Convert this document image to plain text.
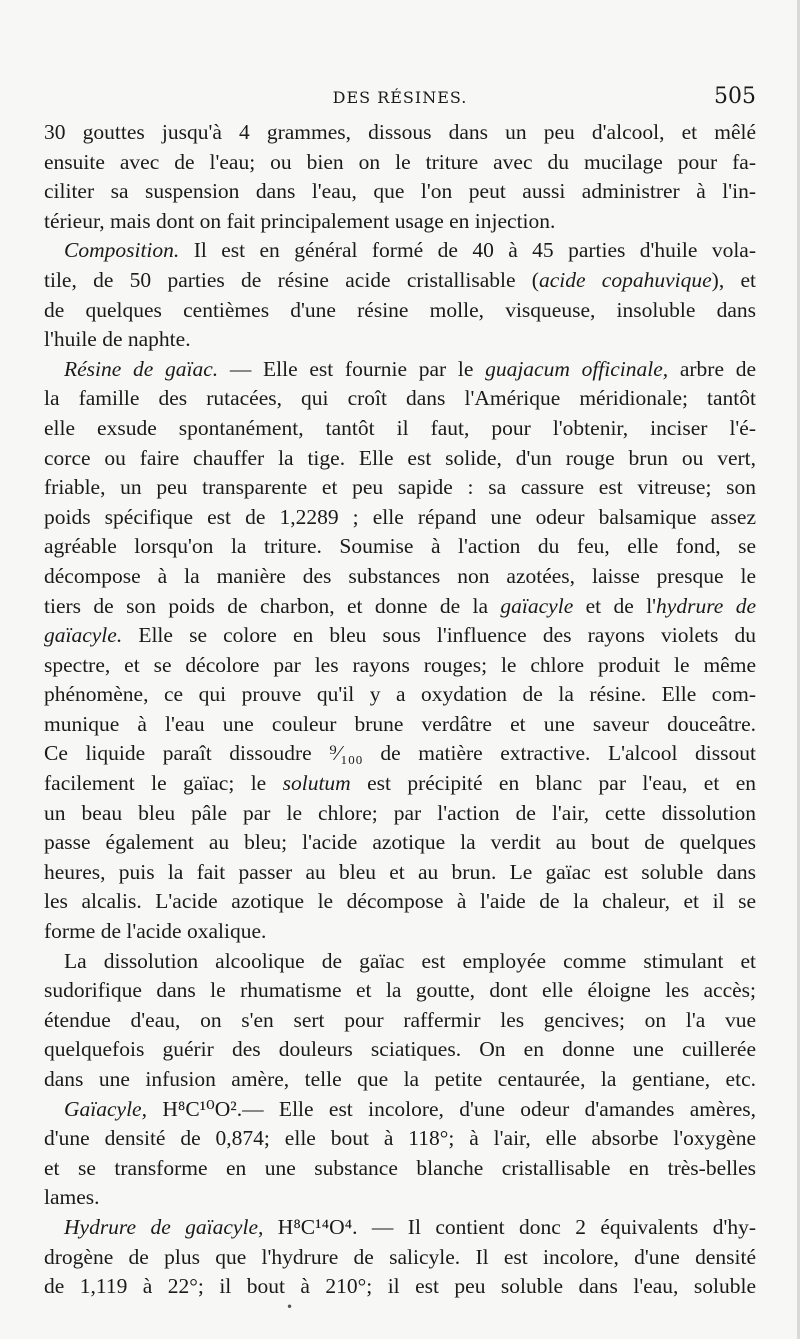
DES RÉSINES.	505
30 gouttes jusqu'à 4 grammes, dissous dans un peu d'alcool, et mêlé
ensuite avec de l'eau; ou bien on le triture avec du mucilage pour fa-
ciliter sa suspension dans l'eau, que l'on peut aussi administrer à l'in-
térieur, mais dont on fait principalement usage en injection.
Composition. Il est en général formé de 40 à 45 parties d'huile vola-
tile, de 50 parties de résine acide cristallisable (acide copahuvique), et
de quelques centièmes d'une résine molle, visqueuse, insoluble dans
l'huile de naphte.
Résine de gaïac. — Elle est fournie par le guajacum officinale, arbre de
la famille des rutacées, qui croît dans l'Amérique méridionale; tantôt
elle exsude spontanément, tantôt il faut, pour l'obtenir, inciser l'é-
corce ou faire chauffer la tige. Elle est solide, d'un rouge brun ou vert,
friable, un peu transparente et peu sapide : sa cassure est vitreuse; son
poids spécifique est de 1,2289 ; elle répand une odeur balsamique assez
agréable lorsqu'on la triture. Soumise à l'action du feu, elle fond, se
décompose à la manière des substances non azotées, laisse presque le
tiers de son poids de charbon, et donne de la gaïacyle et de l'hydrure de
gaïacyle. Elle se colore en bleu sous l'influence des rayons violets du
spectre, et se décolore par les rayons rouges; le chlore produit le même
phénomène, ce qui prouve qu'il y a oxydation de la résine. Elle com-
munique à l'eau une couleur brune verdâtre et une saveur douceâtre.
Ce liquide paraît dissoudre ⁹⁄₁₀₀ de matière extractive. L'alcool dissout
facilement le gaïac; le solutum est précipité en blanc par l'eau, et en
un beau bleu pâle par le chlore; par l'action de l'air, cette dissolution
passe également au bleu; l'acide azotique la verdit au bout de quelques
heures, puis la fait passer au bleu et au brun. Le gaïac est soluble dans
les alcalis. L'acide azotique le décompose à l'aide de la chaleur, et il se
forme de l'acide oxalique.
La dissolution alcoolique de gaïac est employée comme stimulant et
sudorifique dans le rhumatisme et la goutte, dont elle éloigne les accès;
étendue d'eau, on s'en sert pour raffermir les gencives; on l'a vue
quelquefois guérir des douleurs sciatiques. On en donne une cuillerée
dans une infusion amère, telle que la petite centaurée, la gentiane, etc.
Gaïacyle, H⁸C¹⁰O².— Elle est incolore, d'une odeur d'amandes amères,
d'une densité de 0,874; elle bout à 118°; à l'air, elle absorbe l'oxygène
et se transforme en une substance blanche cristallisable en très-belles
lames.
Hydrure de gaïacyle, H⁸C¹⁴O⁴. — Il contient donc 2 équivalents d'hy-
drogène de plus que l'hydrure de salicyle. Il est incolore, d'une densité
de 1,119 à 22°; il bout à 210°; il est peu soluble dans l'eau, soluble
•
